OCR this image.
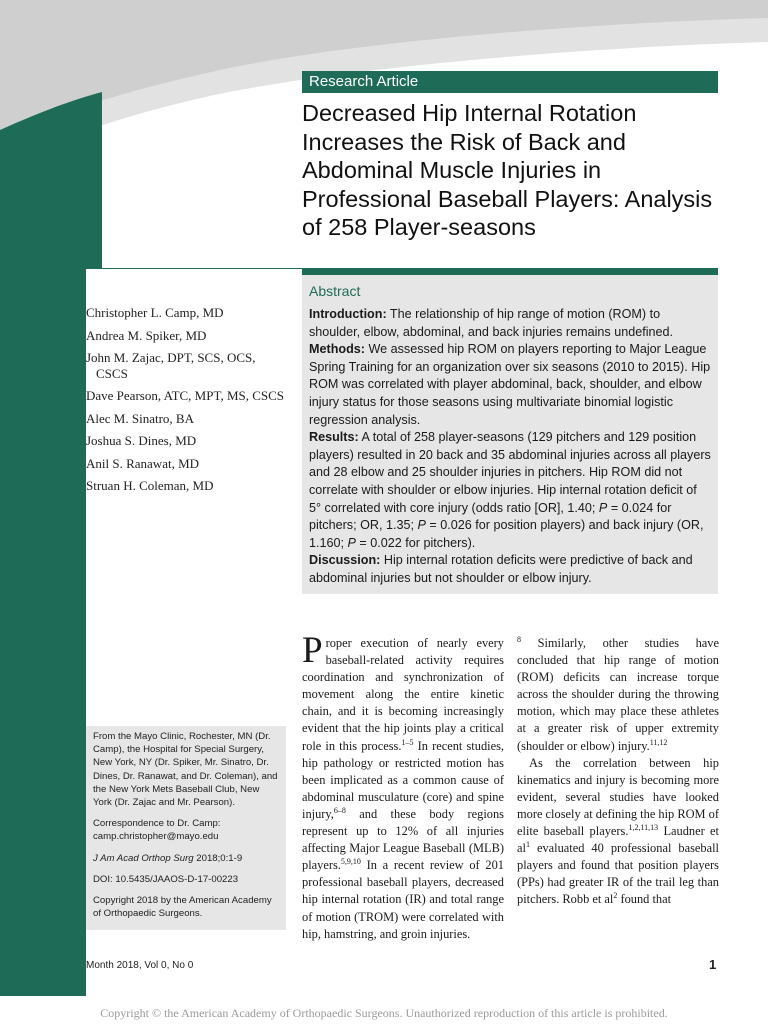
Research Article
Decreased Hip Internal Rotation Increases the Risk of Back and Abdominal Muscle Injuries in Professional Baseball Players: Analysis of 258 Player-seasons
Abstract

Introduction: The relationship of hip range of motion (ROM) to shoulder, elbow, abdominal, and back injuries remains undefined.

Methods: We assessed hip ROM on players reporting to Major League Spring Training for an organization over six seasons (2010 to 2015). Hip ROM was correlated with player abdominal, back, shoulder, and elbow injury status for those seasons using multivariate binomial logistic regression analysis.

Results: A total of 258 player-seasons (129 pitchers and 129 position players) resulted in 20 back and 35 abdominal injuries across all players and 28 elbow and 25 shoulder injuries in pitchers. Hip ROM did not correlate with shoulder or elbow injuries. Hip internal rotation deficit of 5° correlated with core injury (odds ratio [OR], 1.40; P = 0.024 for pitchers; OR, 1.35; P = 0.026 for position players) and back injury (OR, 1.160; P = 0.022 for pitchers).

Discussion: Hip internal rotation deficits were predictive of back and abdominal injuries but not shoulder or elbow injury.

Christopher L. Camp, MD
Andrea M. Spiker, MD
John M. Zajac, DPT, SCS, OCS, CSCS
Dave Pearson, ATC, MPT, MS, CSCS
Alec M. Sinatro, BA
Joshua S. Dines, MD
Anil S. Ranawat, MD
Struan H. Coleman, MD

From the Mayo Clinic, Rochester, MN (Dr. Camp), the Hospital for Special Surgery, New York, NY (Dr. Spiker, Mr. Sinatro, Dr. Dines, Dr. Ranawat, and Dr. Coleman), and the New York Mets Baseball Club, New York (Dr. Zajac and Mr. Pearson).

Correspondence to Dr. Camp: camp.christopher@mayo.edu

J Am Acad Orthop Surg 2018;0:1-9

DOI: 10.5435/JAAOS-D-17-00223

Copyright 2018 by the American Academy of Orthopaedic Surgeons.

Proper execution of nearly every baseball-related activity requires coordination and synchronization of movement along the entire kinetic chain, and it is becoming increasingly evident that the hip joints play a critical role in this process.$^{1-5}$ In recent studies, hip pathology or restricted motion has been implicated as a common cause of abdominal musculature (core) and spine injury,$^{6-8}$ and these body regions represent up to 12% of all injuries affecting Major League Baseball (MLB) players.$^{5,9,10}$ In a recent review of 201 professional baseball players, decreased hip internal rotation (IR) and total range of motion (TROM) were correlated with hip, hamstring, and groin injuries.

$^8$ Similarly, other studies have concluded that hip range of motion (ROM) deficits can increase torque across the shoulder during the throwing motion, which may place these athletes at a greater risk of upper extremity (shoulder or elbow) injury.$^{11,12}$

As the correlation between hip kinematics and injury is becoming more evident, several studies have looked more closely at defining the hip ROM of elite baseball players.$^{1,2,11,13}$ Laudner et $al^1$ evaluated 40 professional baseball players and found that position players (PPs) had greater IR of the trail leg than pitchers. Robb et $al^2$ found that

Month 2018, Vol 0, No 0	1
Copyright © the American Academy of Orthopaedic Surgeons. Unauthorized reproduction of this article is prohibited.
